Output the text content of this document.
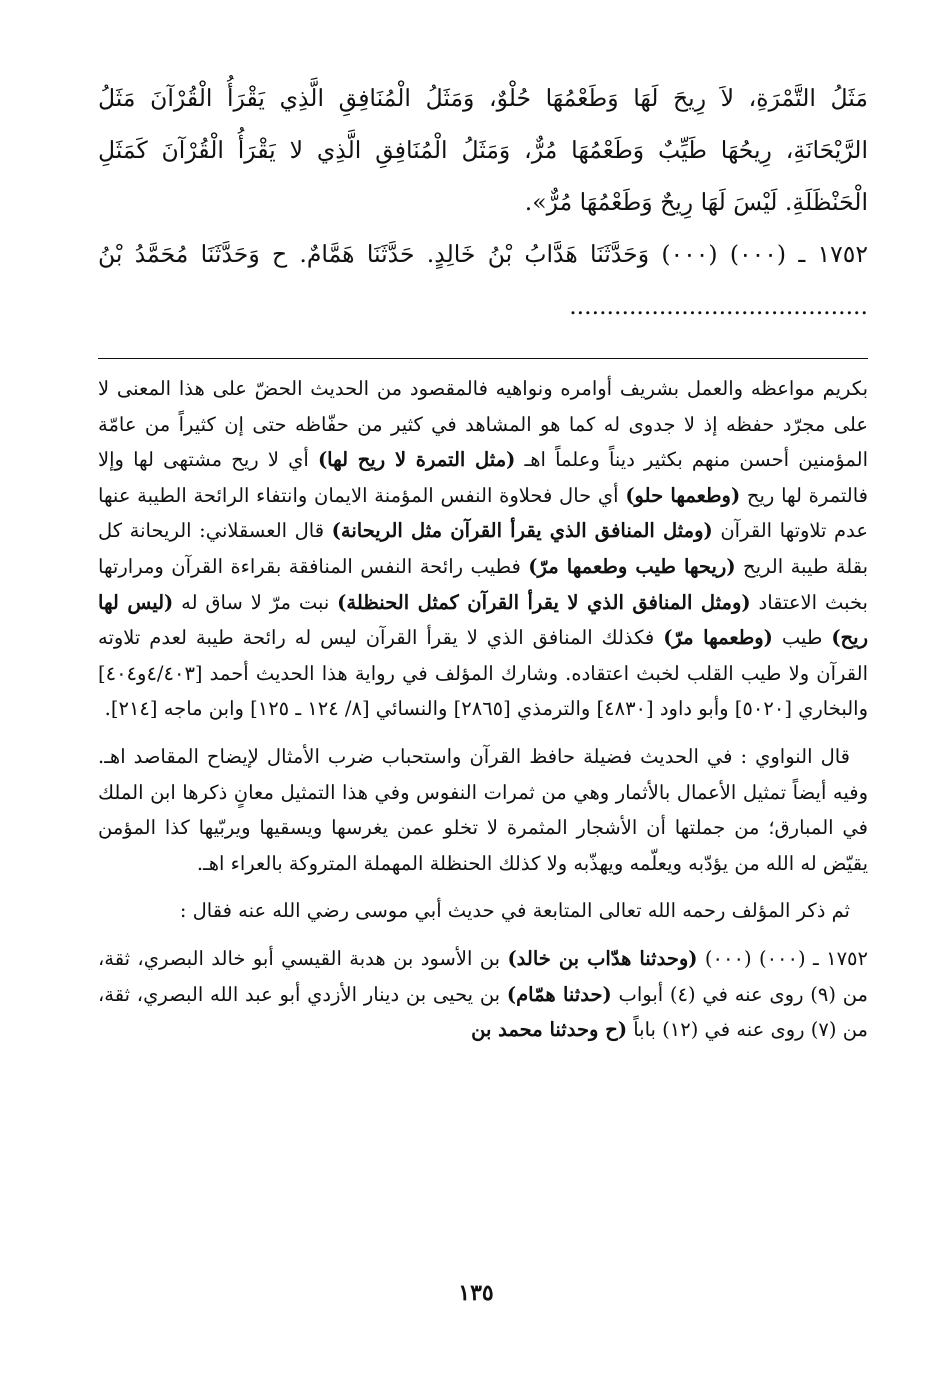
مَثَلُ التَّمْرَةِ، لاَ رِيحَ لَهَا وَطَعْمُهَا حُلْوٌ، وَمَثَلُ الْمُنَافِقِ الَّذِي يَقْرَأُ الْقُرْآنَ مَثَلُ الرَّيْحَانَةِ، رِيحُهَا طَيِّبٌ وَطَعْمُهَا مُرٌّ، وَمَثَلُ الْمُنَافِقِ الَّذِي لا يَقْرَأُ الْقُرْآنَ كَمَثَلِ الْحَنْظَلَةِ. لَيْسَ لَهَا رِيحٌ وَطَعْمُهَا مُرٌّ».

١٧٥٢ ـ (٠٠٠) (٠٠٠) وَحَدَّثَنَا هَدَّابُ بْنُ خَالِدٍ. حَدَّثَنَا هَمَّامٌ. ح وَحَدَّثَنَا مُحَمَّدُ بْنُ ........................................

بكريم مواعظه والعمل بشريف أوامره ونواهيه فالمقصود من الحديث الحضّ على هذا المعنى لا على مجرّد حفظه إذ لا جدوى له كما هو المشاهد في كثير من حفّاظه حتى إن كثيراً من عامّة المؤمنين أحسن منهم بكثير ديناً وعلماً اهـ (مثل التمرة لا ريح لها) أي لا ريح مشتهى لها وإلا فالتمرة لها ريح (وطعمها حلو) أي حال فحلاوة النفس المؤمنة الايمان وانتفاء الرائحة الطيبة عنها عدم تلاوتها القرآن (ومثل المنافق الذي يقرأ القرآن مثل الريحانة) قال العسقلاني: الريحانة كل بقلة طيبة الريح (ريحها طيب وطعمها مرّ) فطيب رائحة النفس المنافقة بقراءة القرآن ومرارتها بخبث الاعتقاد (ومثل المنافق الذي لا يقرأ القرآن كمثل الحنظلة) نبت مرّ لا ساق له (ليس لها ريح) طيب (وطعمها مرّ) فكذلك المنافق الذي لا يقرأ القرآن ليس له رائحة طيبة لعدم تلاوته القرآن ولا طيب القلب لخبث اعتقاده. وشارك المؤلف في رواية هذا الحديث أحمد [٤/٤٠٣و٤٠٤] والبخاري [٥٠٢٠] وأبو داود [٤٨٣٠] والترمذي [٢٨٦٥] والنسائي [٨/ ١٢٤ ـ ١٢٥] وابن ماجه [٢١٤].

قال النواوي : في الحديث فضيلة حافظ القرآن واستحباب ضرب الأمثال لإيضاح المقاصد اهـ. وفيه أيضاً تمثيل الأعمال بالأثمار وهي من ثمرات النفوس وفي هذا التمثيل معانٍ ذكرها ابن الملك في المبارق؛ من جملتها أن الأشجار المثمرة لا تخلو عمن يغرسها ويسقيها ويربّيها كذا المؤمن يقيّض له الله من يؤدّبه ويعلّمه ويهذّبه ولا كذلك الحنظلة المهملة المتروكة بالعراء اهـ.

ثم ذكر المؤلف رحمه الله تعالى المتابعة في حديث أبي موسى رضي الله عنه فقال :

١٧٥٢ ـ (٠٠٠) (٠٠٠) (وحدثنا هدّاب بن خالد) بن الأسود بن هدبة القيسي أبو خالد البصري، ثقة، من (٩) روى عنه في (٤) أبواب (حدثنا همّام) بن يحيى بن دينار الأزدي أبو عبد الله البصري، ثقة، من (٧) روى عنه في (١٢) باباً (ح وحدثنا محمد بن

١٣٥
